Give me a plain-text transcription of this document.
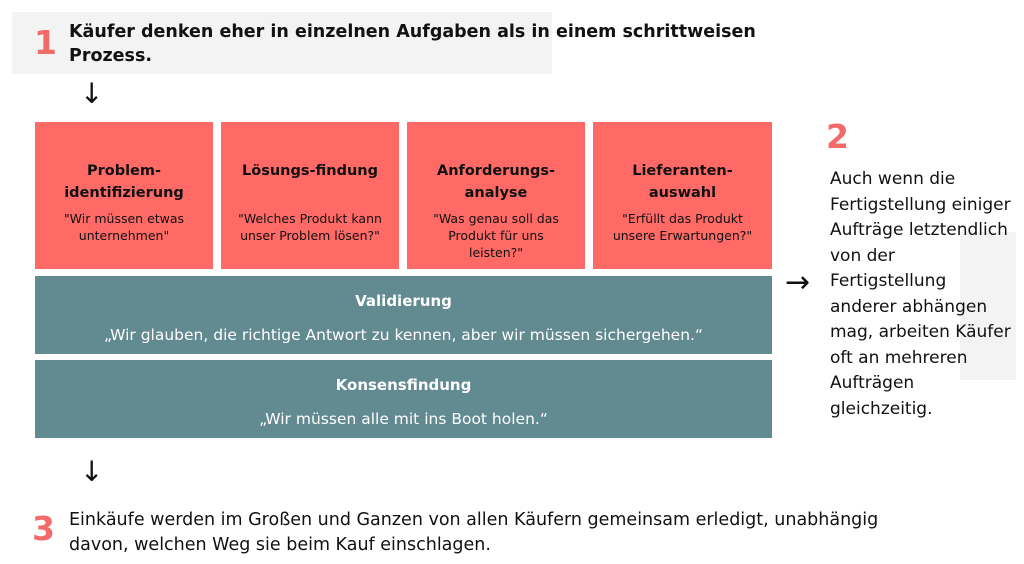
1 Käufer denken eher in einzelnen Aufgaben als in einem schrittweisen Prozess.
↓
Problem-identifizierung
"Wir müssen etwas unternehmen"
Lösungs-findung
"Welches Produkt kann unser Problem lösen?"
Anforderungs-analyse
"Was genau soll das Produkt für uns leisten?"
Lieferanten-auswahl
"Erfüllt das Produkt unsere Erwartungen?"
Validierung
„Wir glauben, die richtige Antwort zu kennen, aber wir müssen sichergehen.“
Konsensfindung
„Wir müssen alle mit ins Boot holen.“
→
2
Auch wenn die Fertigstellung einiger Aufträge letztendlich von der Fertigstellung anderer abhängen mag, arbeiten Käufer oft an mehreren Aufträgen gleichzeitig.
↓
3 Einkäufe werden im Großen und Ganzen von allen Käufern gemeinsam erledigt, unabhängig davon, welchen Weg sie beim Kauf einschlagen.
